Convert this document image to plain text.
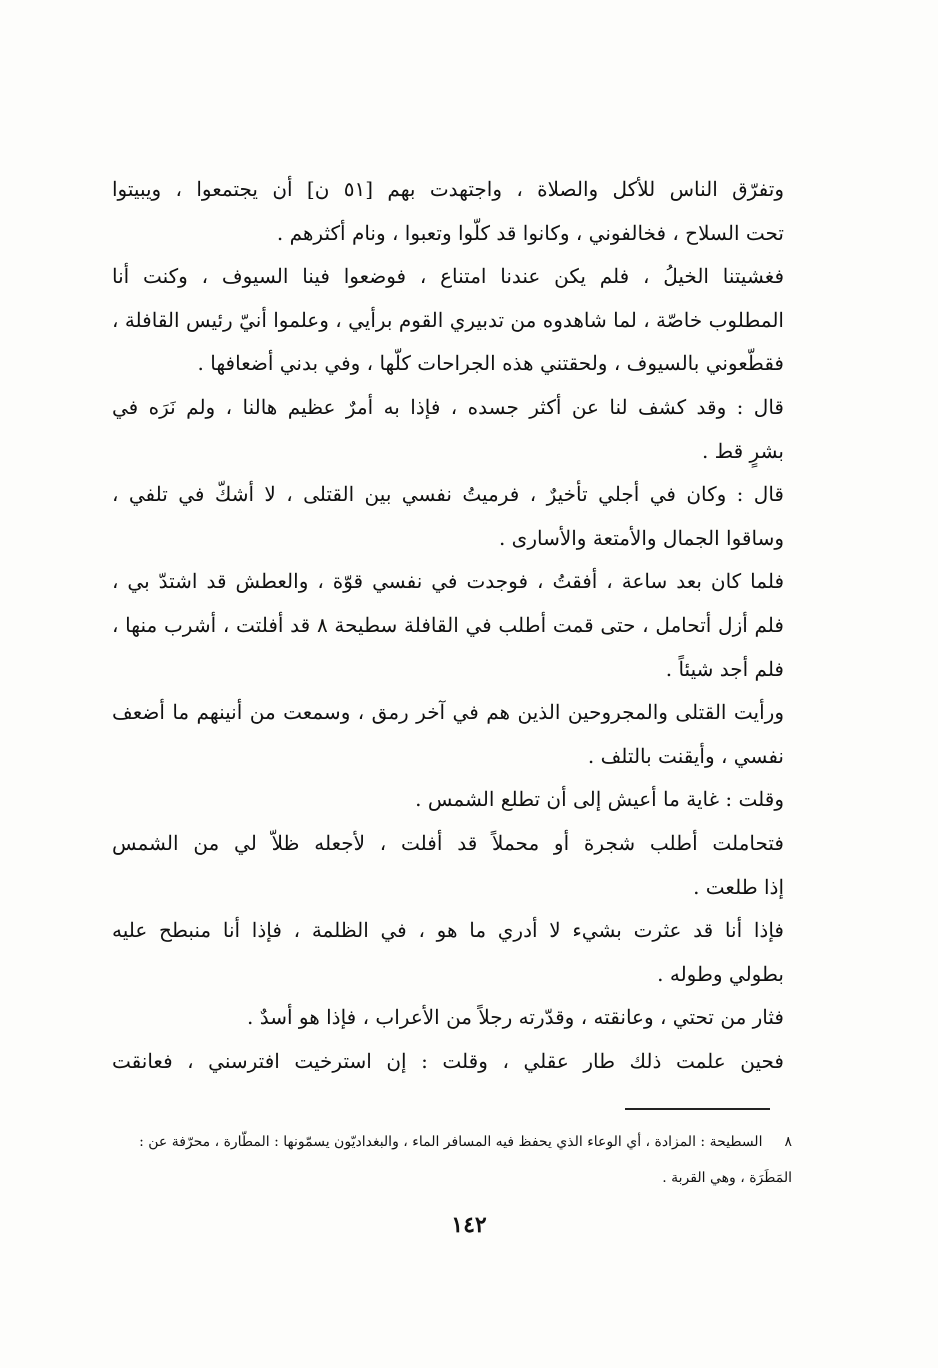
وتفرّق الناس للأكل والصلاة ، واجتهدت بهم [٥١ ن] أن يجتمعوا ، ويبيتوا
تحت السلاح ، فخالفوني ، وكانوا قد كلّوا وتعبوا ، ونام أكثرهم .
فغشيتنا الخيلُ ، فلم يكن عندنا امتناع ، فوضعوا فينا السيوف ، وكنت أنا
المطلوب خاصّة ، لما شاهدوه من تدبيري القوم برأيي ، وعلموا أنيّ رئيس القافلة ،
فقطّعوني بالسيوف ، ولحقتني هذه الجراحات كلّها ، وفي بدني أضعافها .
قال : وقد كشف لنا عن أكثر جسده ، فإذا به أمرٌ عظيم هالنا ، ولم نَرَه في
بشرٍ قط .
قال : وكان في أجلي تأخيرٌ ، فرميتُ نفسي بين القتلى ، لا أشكّ في تلفي ،
وساقوا الجمال والأمتعة والأسارى .
فلما كان بعد ساعة ، أفقتُ ، فوجدت في نفسي قوّة ، والعطش قد اشتدّ بي ،
فلم أزل أتحامل ، حتى قمت أطلب في القافلة سطيحة ٨ قد أفلتت ، أشرب منها ،
فلم أجد شيئاً .
ورأيت القتلى والمجروحين الذين هم في آخر رمق ، وسمعت من أنينهم ما أضعف
نفسي ، وأيقنت بالتلف .
وقلت : غاية ما أعيش إلى أن تطلع الشمس .
فتحاملت أطلب شجرة أو محملاً قد أفلت ، لأجعله ظلاّ لي من الشمس
إذا طلعت .
فإذا أنا قد عثرت بشيء لا أدري ما هو ، في الظلمة ، فإذا أنا منبطح عليه
بطولي وطوله .
فثار من تحتي ، وعانقته ، وقدّرته رجلاً من الأعراب ، فإذا هو أسدٌ .
فحين علمت ذلك طار عقلي ، وقلت : إن استرخيت افترسني ، فعانقت
٨السطيحة : المزادة ، أي الوعاء الذي يحفظ فيه المسافر الماء ، والبغداديّون يسمّونها : المطّارة ، محرّفة عن :
المَطَرَة ، وهي القربة .
١٤٢
